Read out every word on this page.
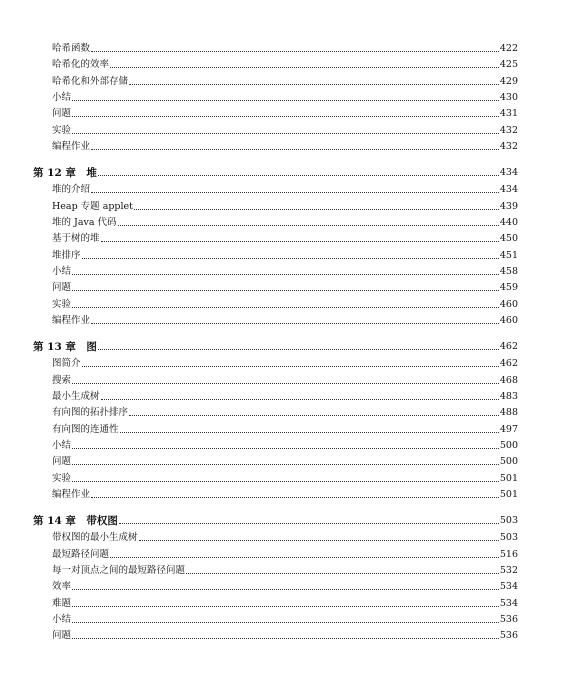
哈希函数	422
哈希化的效率	425
哈希化和外部存储	429
小结	430
问题	431
实验	432
编程作业	432
第 12 章　堆	434
堆的介绍	434
Heap 专题 applet	439
堆的 Java 代码	440
基于树的堆	450
堆排序	451
小结	458
问题	459
实验	460
编程作业	460
第 13 章　图	462
图简介	462
搜索	468
最小生成树	483
有向图的拓扑排序	488
有向图的连通性	497
小结	500
问题	500
实验	501
编程作业	501
第 14 章　带权图	503
带权图的最小生成树	503
最短路径问题	516
每一对顶点之间的最短路径问题	532
效率	534
难题	534
小结	536
问题	536
